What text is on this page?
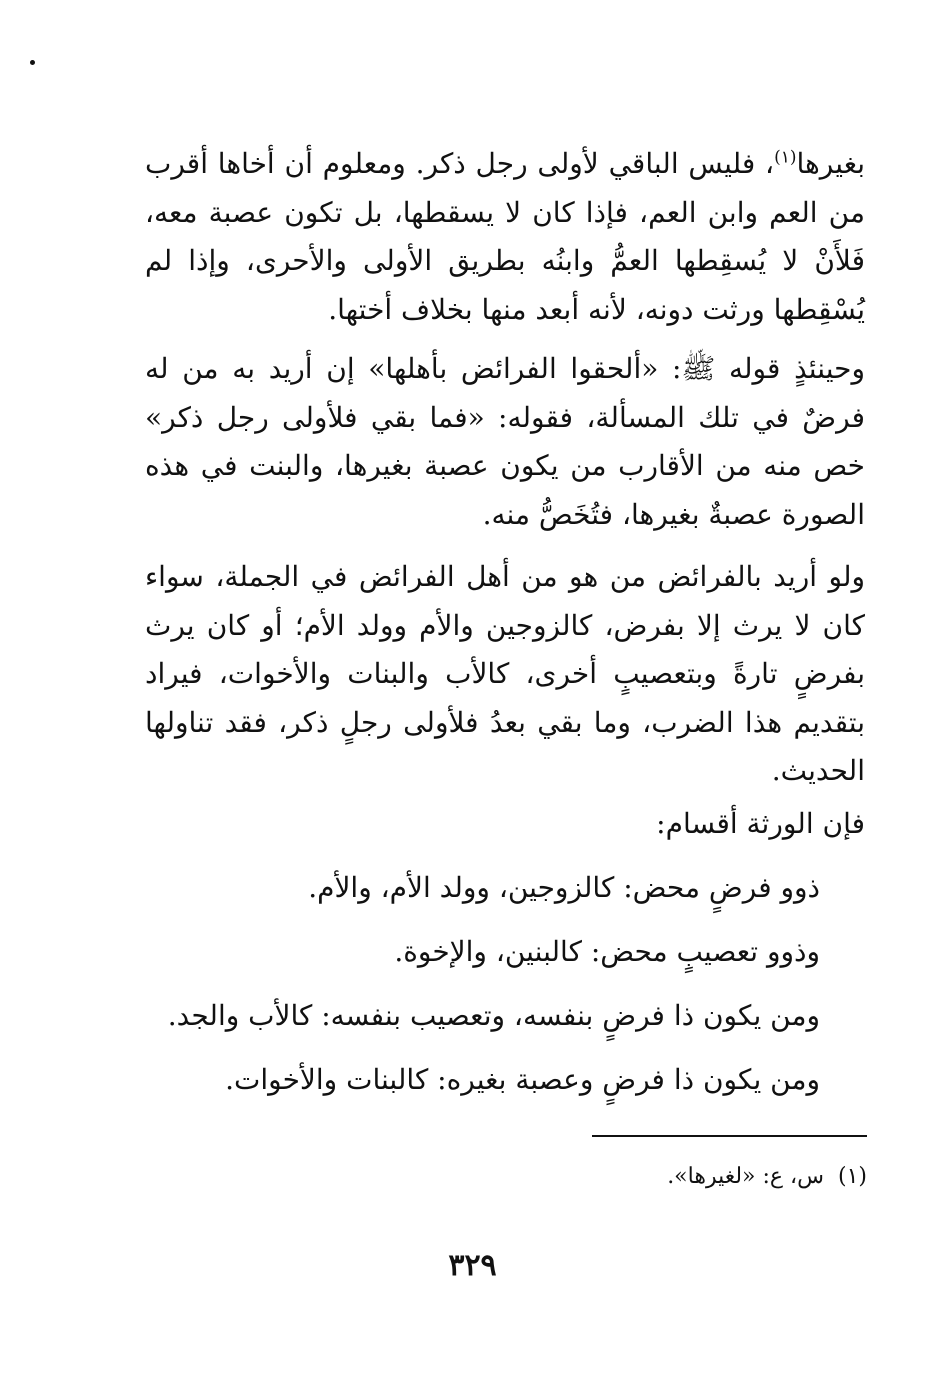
بغيرها$^{(١)}$، فليس الباقي لأولى رجل ذكر. ومعلوم أن أخاها أقرب من العم وابن العم، فإذا كان لا يسقطها، بل تكون عصبة معه، فَلأَنْ لا يُسقِطها العمُّ وابنُه بطريق الأولى والأحرى، وإذا لم يُسْقِطها ورثت دونه، لأنه أبعد منها بخلاف أختها.

وحينئذٍ قوله ﷺ: «ألحقوا الفرائض بأهلها» إن أريد به من له فرضٌ في تلك المسألة، فقوله: «فما بقي فلأولى رجل ذكر» خص منه من الأقارب من يكون عصبة بغيرها، والبنت في هذه الصورة عصبةٌ بغيرها، فتُخَصُّ منه.

ولو أريد بالفرائض من هو من أهل الفرائض في الجملة، سواء كان لا يرث إلا بفرض، كالزوجين والأم وولد الأم؛ أو كان يرث بفرضٍ تارةً وبتعصيبٍ أخرى، كالأب والبنات والأخوات، فيراد بتقديم هذا الضرب، وما بقي بعدُ فلأولى رجلٍ ذكر، فقد تناولها الحديث.

فإن الورثة أقسام:

ذوو فرضٍ محض: كالزوجين، وولد الأم، والأم.
وذوو تعصيبٍ محض: كالبنين، والإخوة.
ومن يكون ذا فرضٍ بنفسه، وتعصيب بنفسه: كالأب والجد.
ومن يكون ذا فرضٍ وعصبة بغيره: كالبنات والأخوات.
(١)س، ع: «لغيرها».
٣٢٩
